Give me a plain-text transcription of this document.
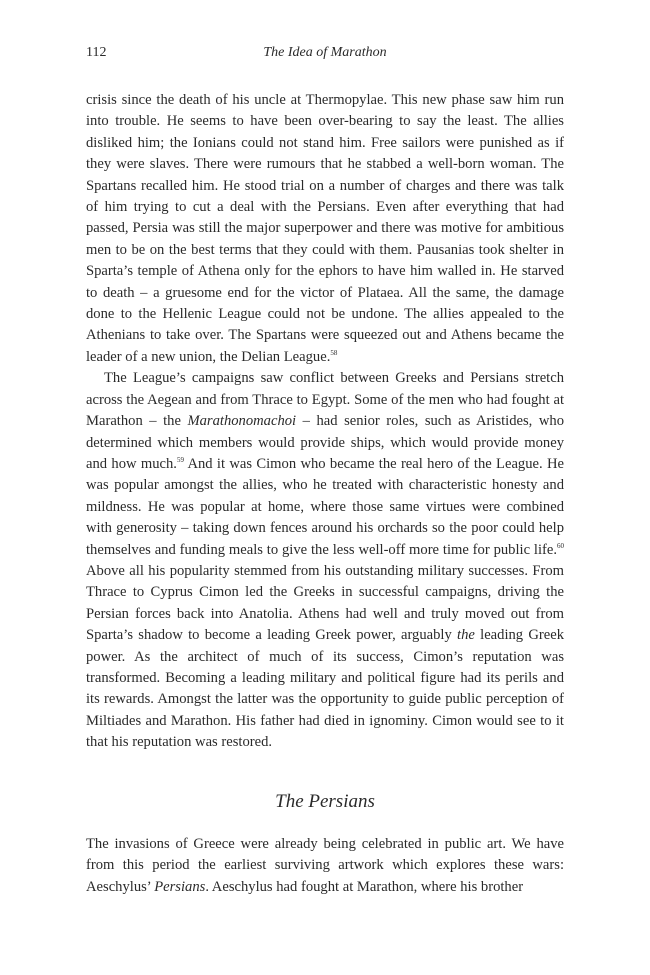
112	The Idea of Marathon

crisis since the death of his uncle at Thermopylae. This new phase saw him run into trouble. He seems to have been over-bearing to say the least. The allies disliked him; the Ionians could not stand him. Free sailors were punished as if they were slaves. There were rumours that he stabbed a well-born woman. The Spartans recalled him. He stood trial on a number of charges and there was talk of him trying to cut a deal with the Persians. Even after everything that had passed, Persia was still the major superpower and there was motive for ambitious men to be on the best terms that they could with them. Pausanias took shelter in Sparta’s temple of Athena only for the ephors to have him walled in. He starved to death – a gruesome end for the victor of Plataea. All the same, the damage done to the Hellenic League could not be undone. The allies appealed to the Athenians to take over. The Spartans were squeezed out and Athens became the leader of a new union, the Delian League.$^{58}$

The League’s campaigns saw conflict between Greeks and Persians stretch across the Aegean and from Thrace to Egypt. Some of the men who had fought at Marathon – the Marathonomachoi – had senior roles, such as Aristides, who determined which members would provide ships, which would provide money and how much.$^{59}$ And it was Cimon who became the real hero of the League. He was popular amongst the allies, who he treated with characteristic honesty and mildness. He was popular at home, where those same virtues were combined with generosity – taking down fences around his orchards so the poor could help themselves and funding meals to give the less well-off more time for public life.$^{60}$ Above all his popularity stemmed from his outstanding military successes. From Thrace to Cyprus Cimon led the Greeks in successful campaigns, driving the Persian forces back into Anatolia. Athens had well and truly moved out from Sparta’s shadow to become a leading Greek power, arguably the leading Greek power. As the architect of much of its success, Cimon’s reputation was transformed. Becoming a leading military and political figure had its perils and its rewards. Amongst the latter was the opportunity to guide public perception of Miltiades and Marathon. His father had died in ignominy. Cimon would see to it that his reputation was restored.

The Persians

The invasions of Greece were already being celebrated in public art. We have from this period the earliest surviving artwork which explores these wars: Aeschylus’ Persians. Aeschylus had fought at Marathon, where his brother
